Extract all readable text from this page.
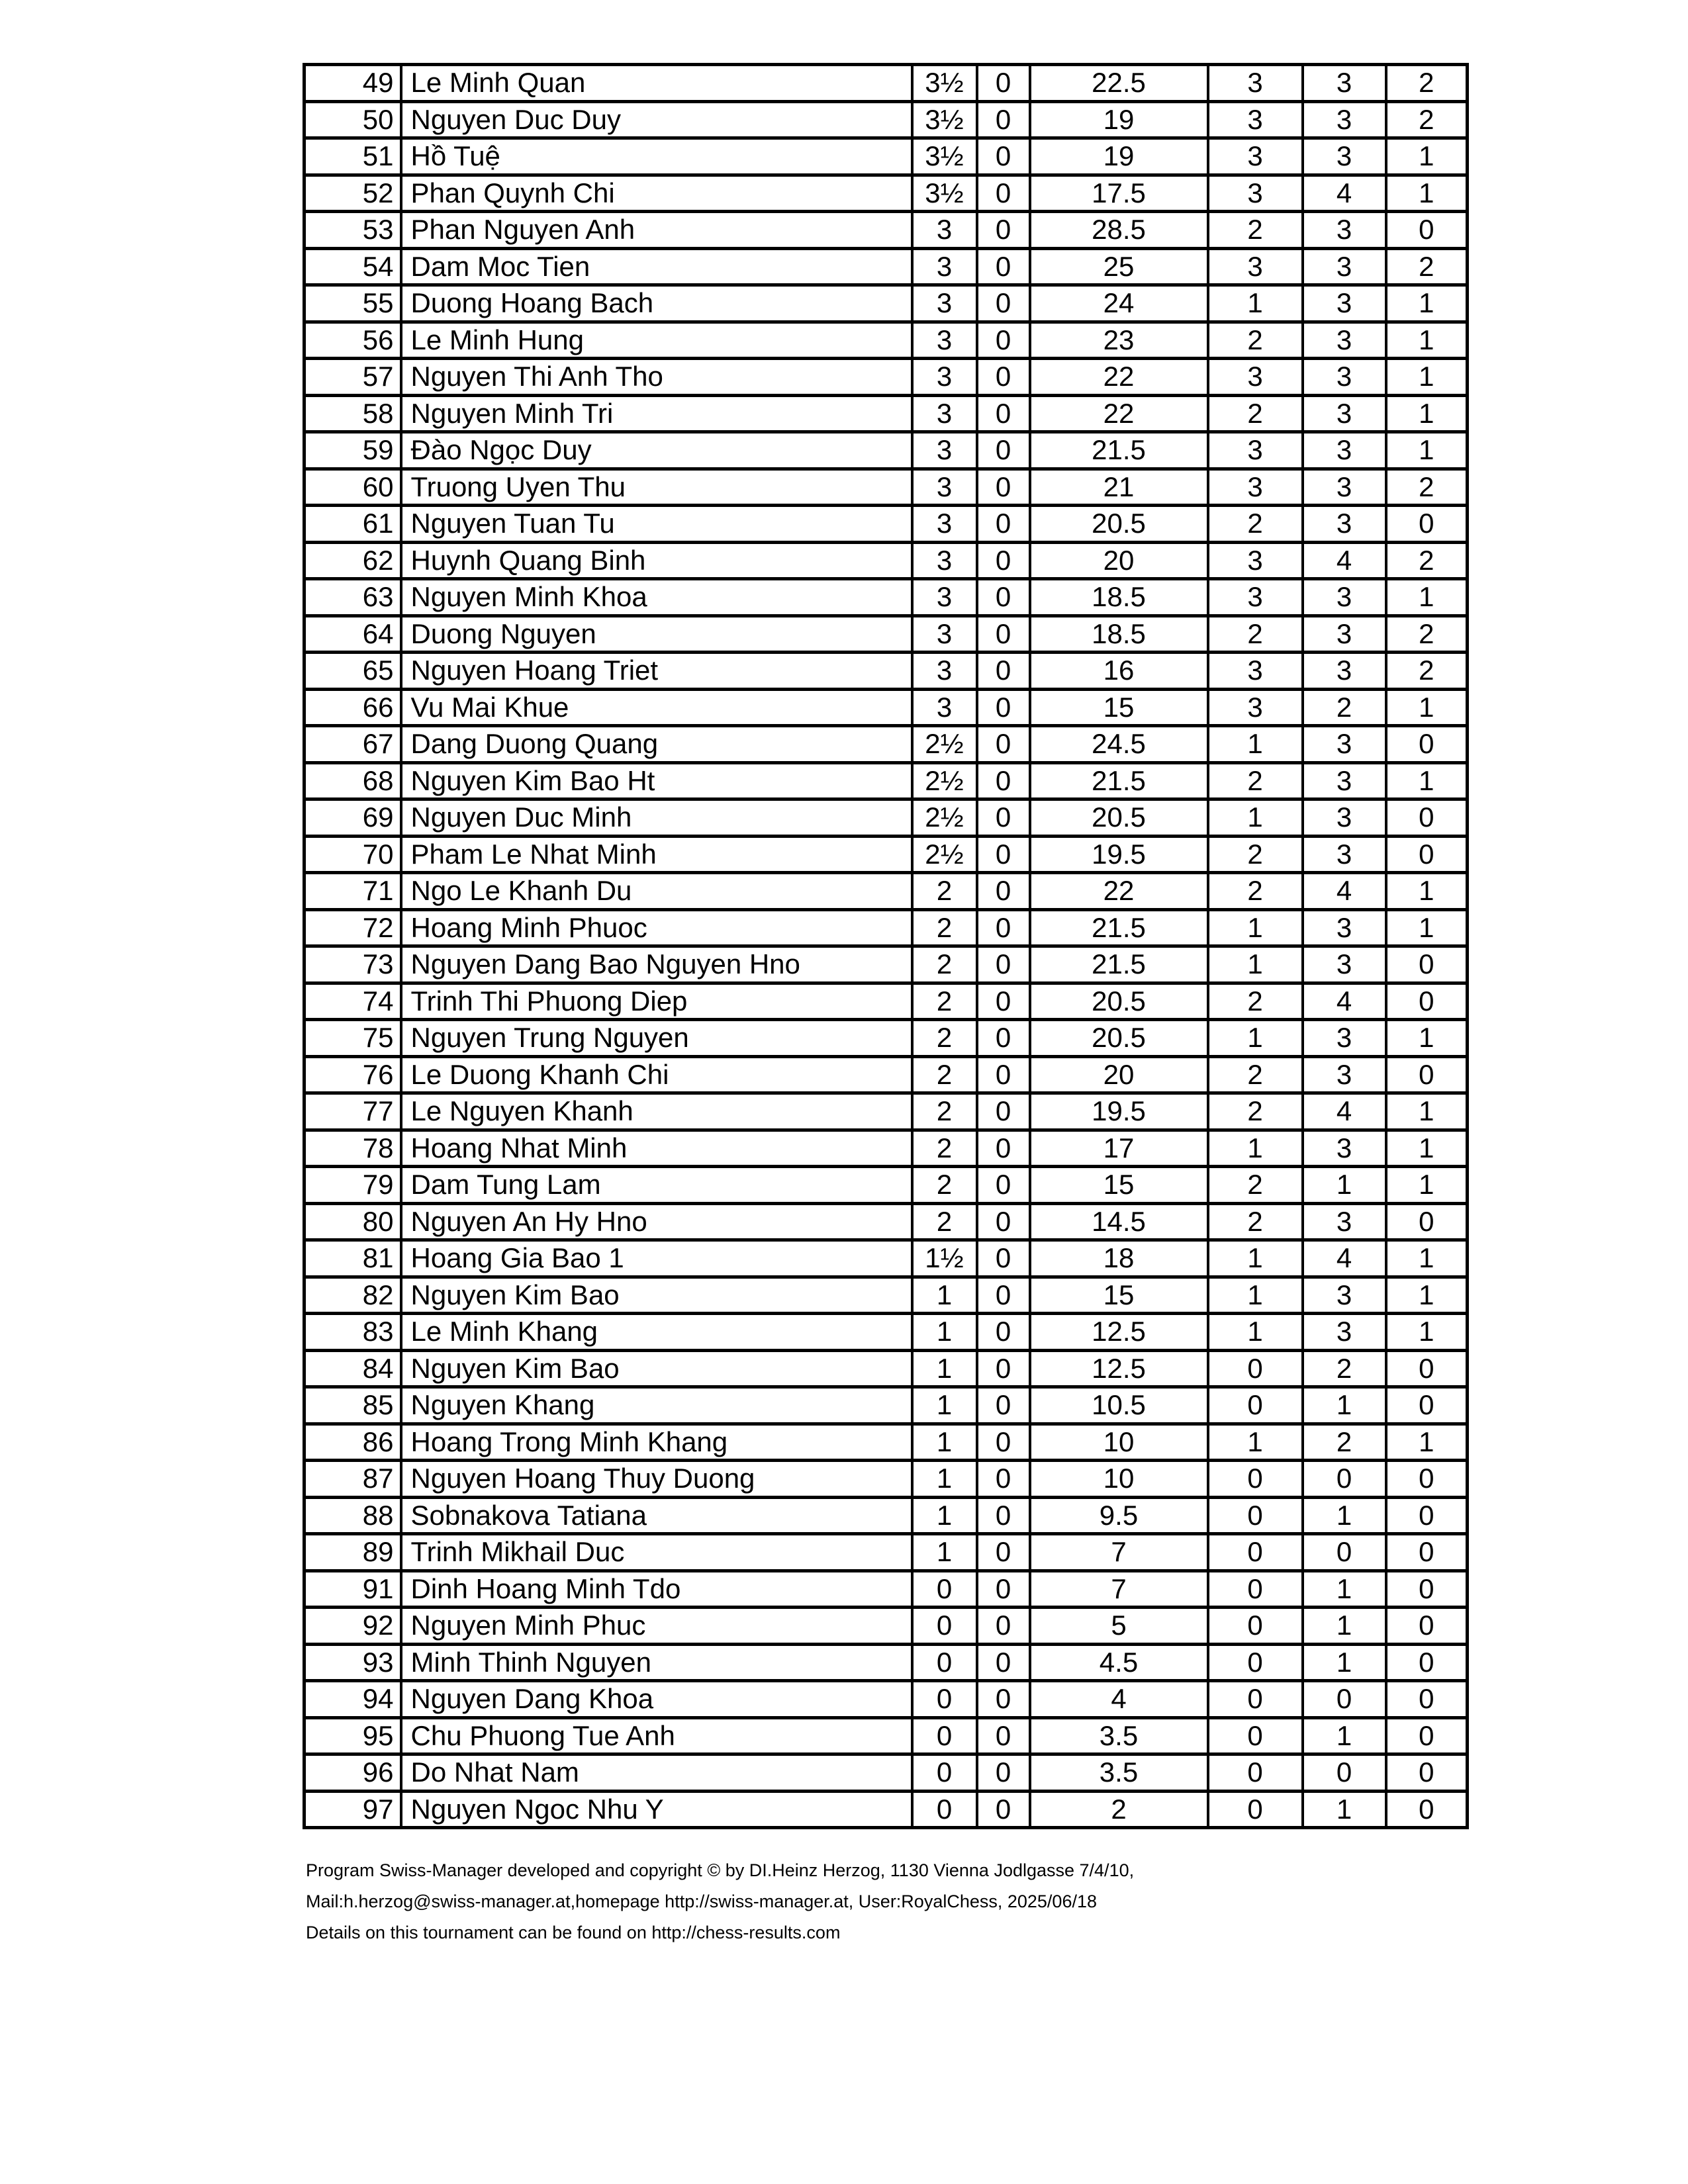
49	Le Minh Quan	3½	0	22.5	3	3	2
50	Nguyen Duc Duy	3½	0	19	3	3	2
51	Hồ Tuệ	3½	0	19	3	3	1
52	Phan Quynh Chi	3½	0	17.5	3	4	1
53	Phan Nguyen Anh	3	0	28.5	2	3	0
54	Dam Moc Tien	3	0	25	3	3	2
55	Duong Hoang Bach	3	0	24	1	3	1
56	Le Minh Hung	3	0	23	2	3	1
57	Nguyen Thi Anh Tho	3	0	22	3	3	1
58	Nguyen Minh Tri	3	0	22	2	3	1
59	Đào Ngọc Duy	3	0	21.5	3	3	1
60	Truong Uyen Thu	3	0	21	3	3	2
61	Nguyen Tuan Tu	3	0	20.5	2	3	0
62	Huynh Quang Binh	3	0	20	3	4	2
63	Nguyen Minh Khoa	3	0	18.5	3	3	1
64	Duong Nguyen	3	0	18.5	2	3	2
65	Nguyen Hoang Triet	3	0	16	3	3	2
66	Vu Mai Khue	3	0	15	3	2	1
67	Dang Duong Quang	2½	0	24.5	1	3	0
68	Nguyen Kim Bao Ht	2½	0	21.5	2	3	1
69	Nguyen Duc Minh	2½	0	20.5	1	3	0
70	Pham Le Nhat Minh	2½	0	19.5	2	3	0
71	Ngo Le Khanh Du	2	0	22	2	4	1
72	Hoang Minh Phuoc	2	0	21.5	1	3	1
73	Nguyen Dang Bao Nguyen Hno	2	0	21.5	1	3	0
74	Trinh Thi Phuong Diep	2	0	20.5	2	4	0
75	Nguyen Trung Nguyen	2	0	20.5	1	3	1
76	Le Duong Khanh Chi	2	0	20	2	3	0
77	Le Nguyen Khanh	2	0	19.5	2	4	1
78	Hoang Nhat Minh	2	0	17	1	3	1
79	Dam Tung Lam	2	0	15	2	1	1
80	Nguyen An Hy Hno	2	0	14.5	2	3	0
81	Hoang Gia Bao 1	1½	0	18	1	4	1
82	Nguyen Kim Bao	1	0	15	1	3	1
83	Le Minh Khang	1	0	12.5	1	3	1
84	Nguyen Kim Bao	1	0	12.5	0	2	0
85	Nguyen Khang	1	0	10.5	0	1	0
86	Hoang Trong Minh Khang	1	0	10	1	2	1
87	Nguyen Hoang Thuy Duong	1	0	10	0	0	0
88	Sobnakova Tatiana	1	0	9.5	0	1	0
89	Trinh Mikhail Duc	1	0	7	0	0	0
91	Dinh Hoang Minh Tdo	0	0	7	0	1	0
92	Nguyen Minh Phuc	0	0	5	0	1	0
93	Minh Thinh Nguyen	0	0	4.5	0	1	0
94	Nguyen Dang Khoa	0	0	4	0	0	0
95	Chu Phuong Tue Anh	0	0	3.5	0	1	0
96	Do Nhat Nam	0	0	3.5	0	0	0
97	Nguyen Ngoc Nhu Y	0	0	2	0	1	0
Program Swiss-Manager developed and copyright © by DI.Heinz Herzog, 1130 Vienna Jodlgasse 7/4/10,
Mail:h.herzog@swiss-manager.at,homepage http://swiss-manager.at, User:RoyalChess, 2025/06/18
Details on this tournament can be found on http://chess-results.com
